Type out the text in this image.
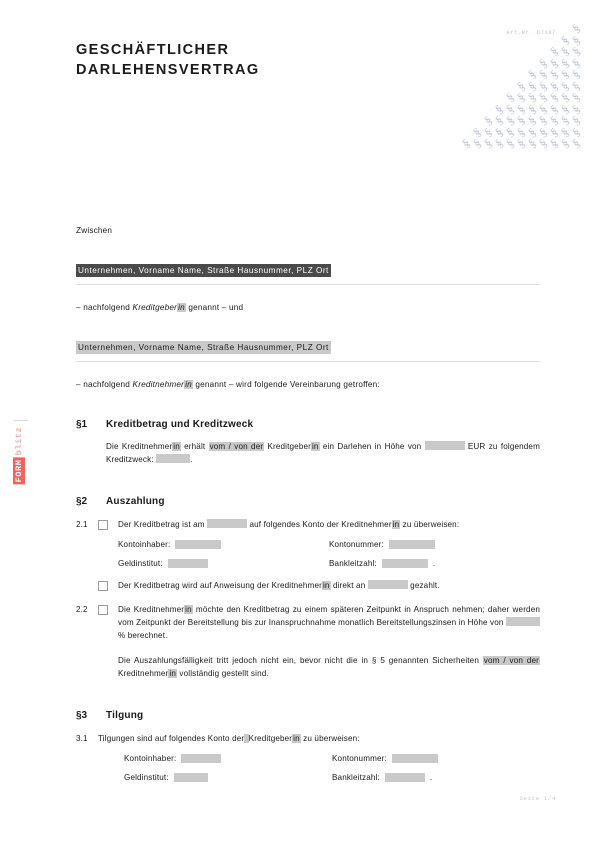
§
§§
§§§
§§§§
§§§§§
§§§§§§
§§§§§§§
§§§§§§§§
§§§§§§§§§
§§§§§§§§§§
§§§§§§§§§§§
Art.Nr. D7187
FORMblitz
GESCHÄFTLICHER
DARLEHENSVERTRAG
Zwischen
Unternehmen, Vorname Name, Straße Hausnummer, PLZ Ort
– nachfolgend Kreditgeberin genannt – und
Unternehmen, Vorname Name, Straße Hausnummer, PLZ Ort
– nachfolgend Kreditnehmerin genannt – wird folgende Vereinbarung getroffen:
§1	Kreditbetrag und Kreditzweck
Die Kreditnehmerin erhält vom / von der Kreditgeberin ein Darlehen in Höhe von	EUR zu folgendem Kreditzweck:	.
§2	Auszahlung
2.1	Der Kreditbetrag ist am	auf folgendes Konto der Kreditnehmerin zu überweisen:
Kontoinhaber:	Kontonummer:
Geldinstitut:	Bankleitzahl:	.
Der Kreditbetrag wird auf Anweisung der Kreditnehmerin direkt an	gezahlt.
2.2	Die Kreditnehmerin möchte den Kreditbetrag zu einem späteren Zeitpunkt in Anspruch nehmen; daher werden vom Zeitpunkt der Bereitstellung bis zur Inanspruchnahme monatlich Bereitstellungszinsen in Höhe von  % berechnet.
Die Auszahlungsfälligkeit tritt jedoch nicht ein, bevor nicht die in § 5 genannten Sicherheiten vom / von der Kreditnehmerin vollständig gestellt sind.
§3	Tilgung
3.1	Tilgungen sind auf folgendes Konto der Kreditgeberin zu überweisen:
Kontoinhaber:	Kontonummer:
Geldinstitut:	Bankleitzahl:	.
Seite 1/4
